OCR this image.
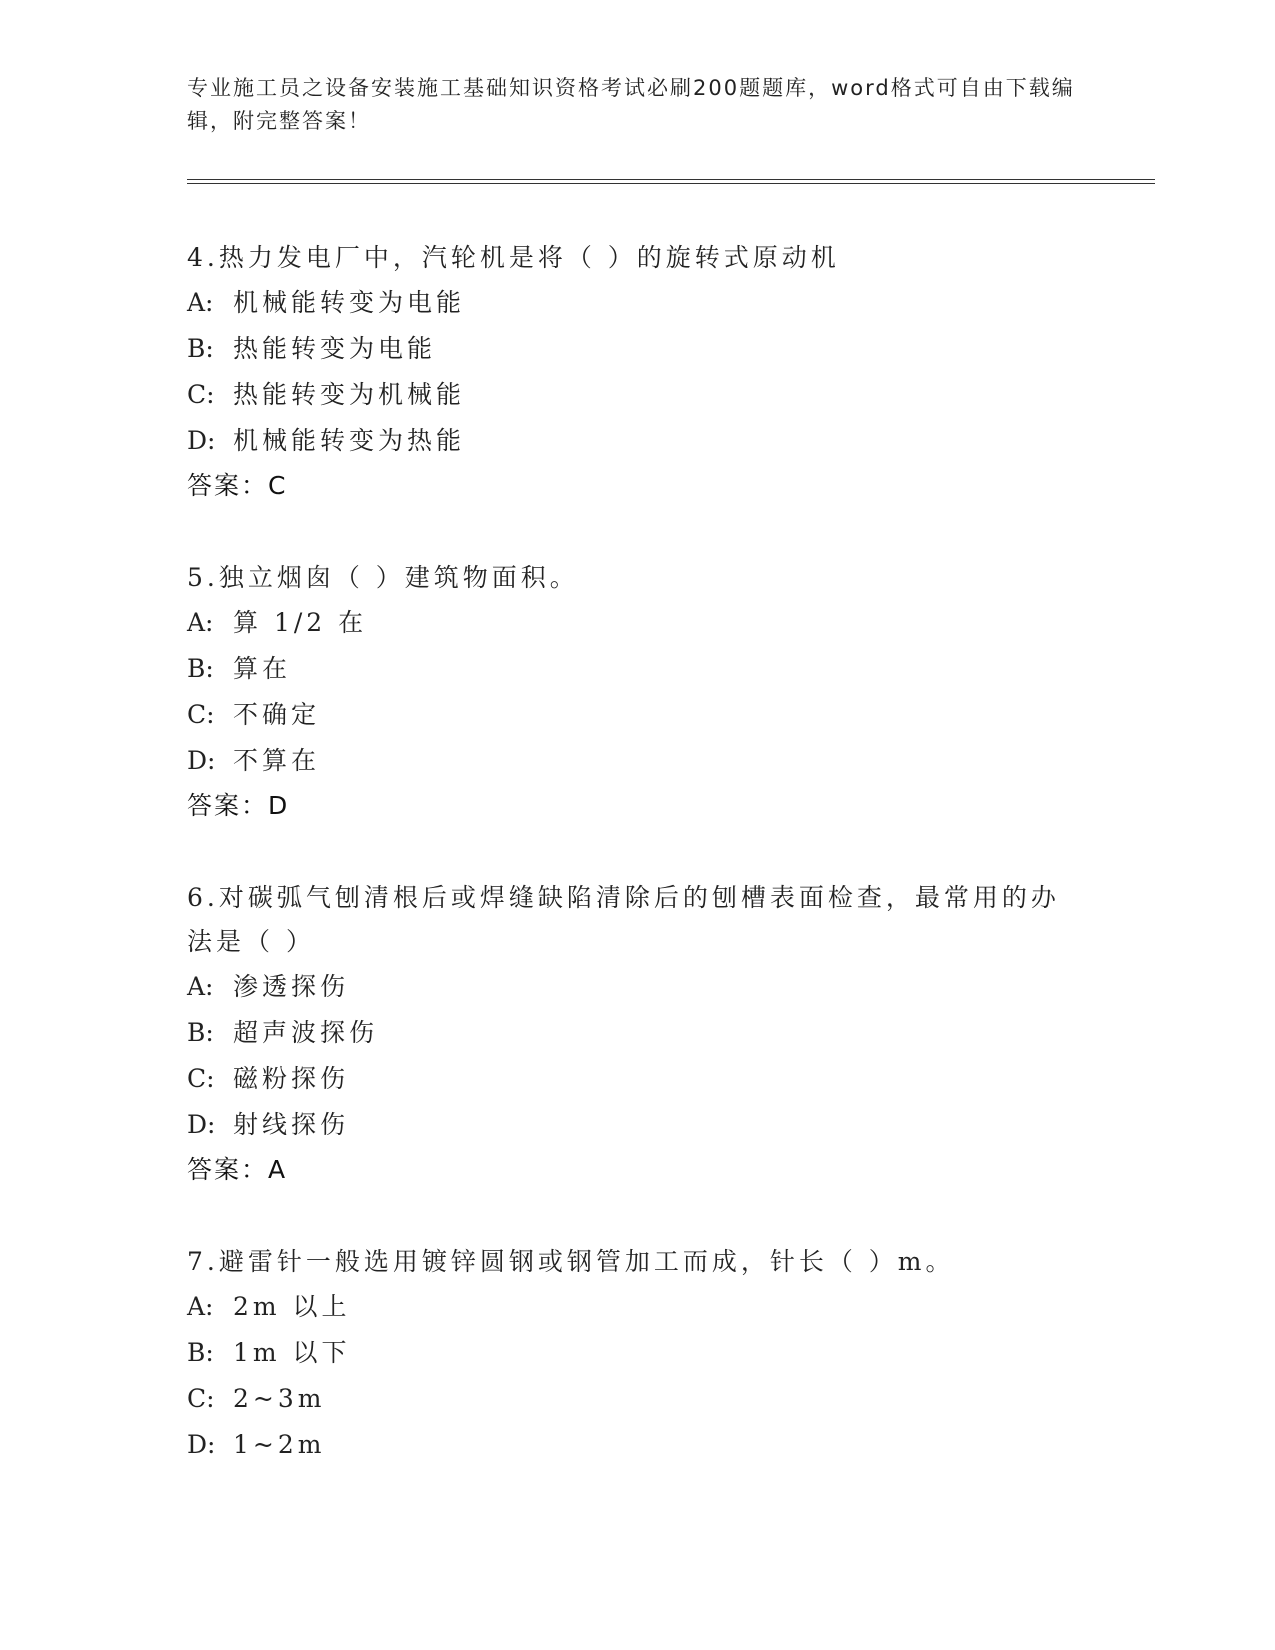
专业施工员之设备安装施工基础知识资格考试必刷200题题库，word格式可自由下载编辑，附完整答案！
4.热力发电厂中，汽轮机是将（ ）的旋转式原动机
A: 机械能转变为电能
B: 热能转变为电能
C: 热能转变为机械能
D: 机械能转变为热能
答案：C
5.独立烟囱（ ）建筑物面积。
A: 算 1/2 在
B: 算在
C: 不确定
D: 不算在
答案：D
6.对碳弧气刨清根后或焊缝缺陷清除后的刨槽表面检查，最常用的办法是（ ）
A: 渗透探伤
B: 超声波探伤
C: 磁粉探伤
D: 射线探伤
答案：A
7.避雷针一般选用镀锌圆钢或钢管加工而成，针长（ ）m。
A: 2m 以上
B: 1m 以下
C: 2~3m
D: 1~2m
